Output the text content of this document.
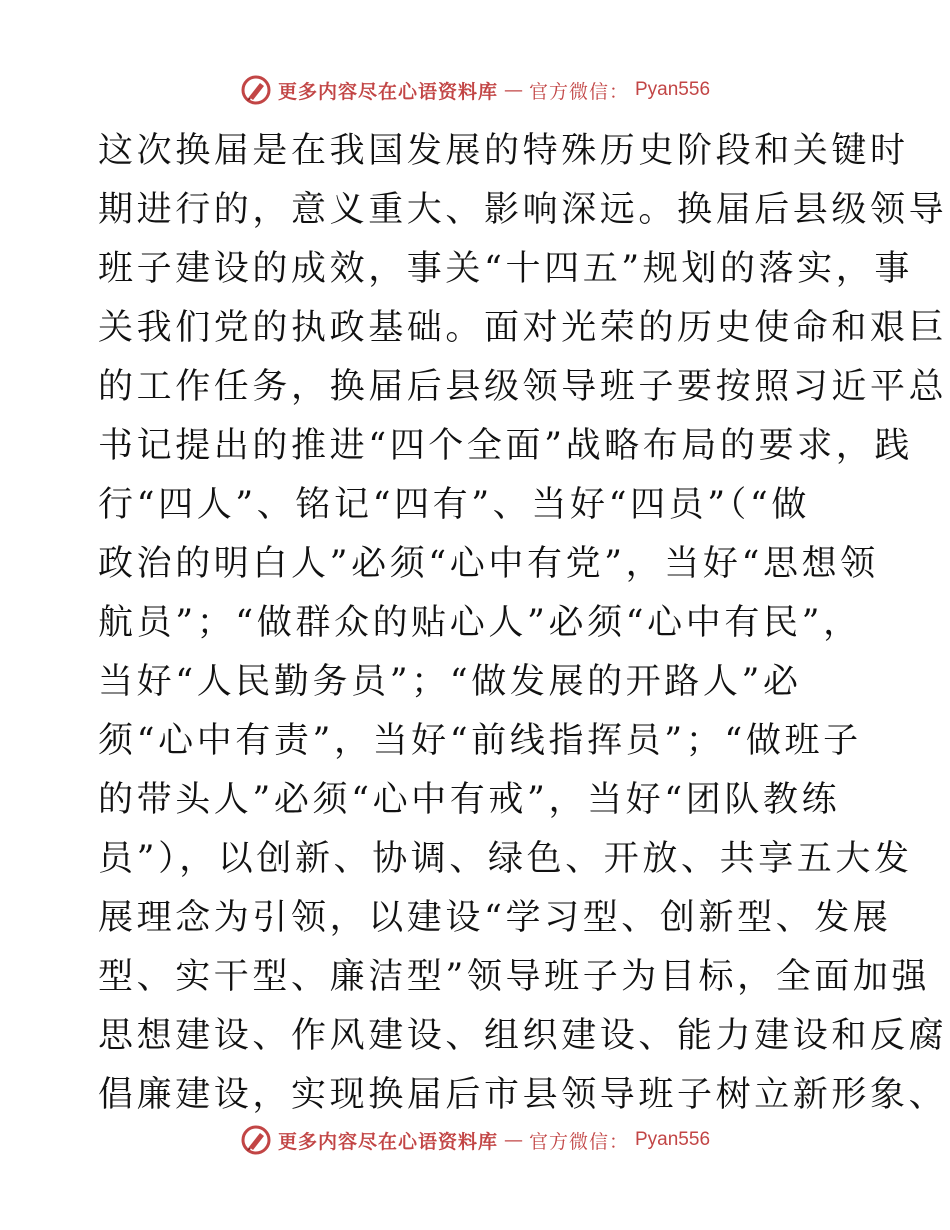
更多内容尽在心语资料库 — 官方微信： Pyan556
这次换届是在我国发展的特殊历史阶段和关键时
期进行的，意义重大、影响深远。换届后县级领导
班子建设的成效，事关“十四五”规划的落实，事
关我们党的执政基础。面对光荣的历史使命和艰巨
的工作任务，换届后县级领导班子要按照习近平总
书记提出的推进“四个全面”战略布局的要求，践
行“四人”、铭记“四有”、当好“四员”（“做
政治的明白人”必须“心中有党”，当好“思想领
航员”；“做群众的贴心人”必须“心中有民”，
当好“人民勤务员”；“做发展的开路人”必
须“心中有责”，当好“前线指挥员”；“做班子
的带头人”必须“心中有戒”，当好“团队教练
员”），以创新、协调、绿色、开放、共享五大发
展理念为引领，以建设“学习型、创新型、发展
型、实干型、廉洁型”领导班子为目标，全面加强
思想建设、作风建设、组织建设、能力建设和反腐
倡廉建设，实现换届后市县领导班子树立新形象、
更多内容尽在心语资料库 — 官方微信： Pyan556
